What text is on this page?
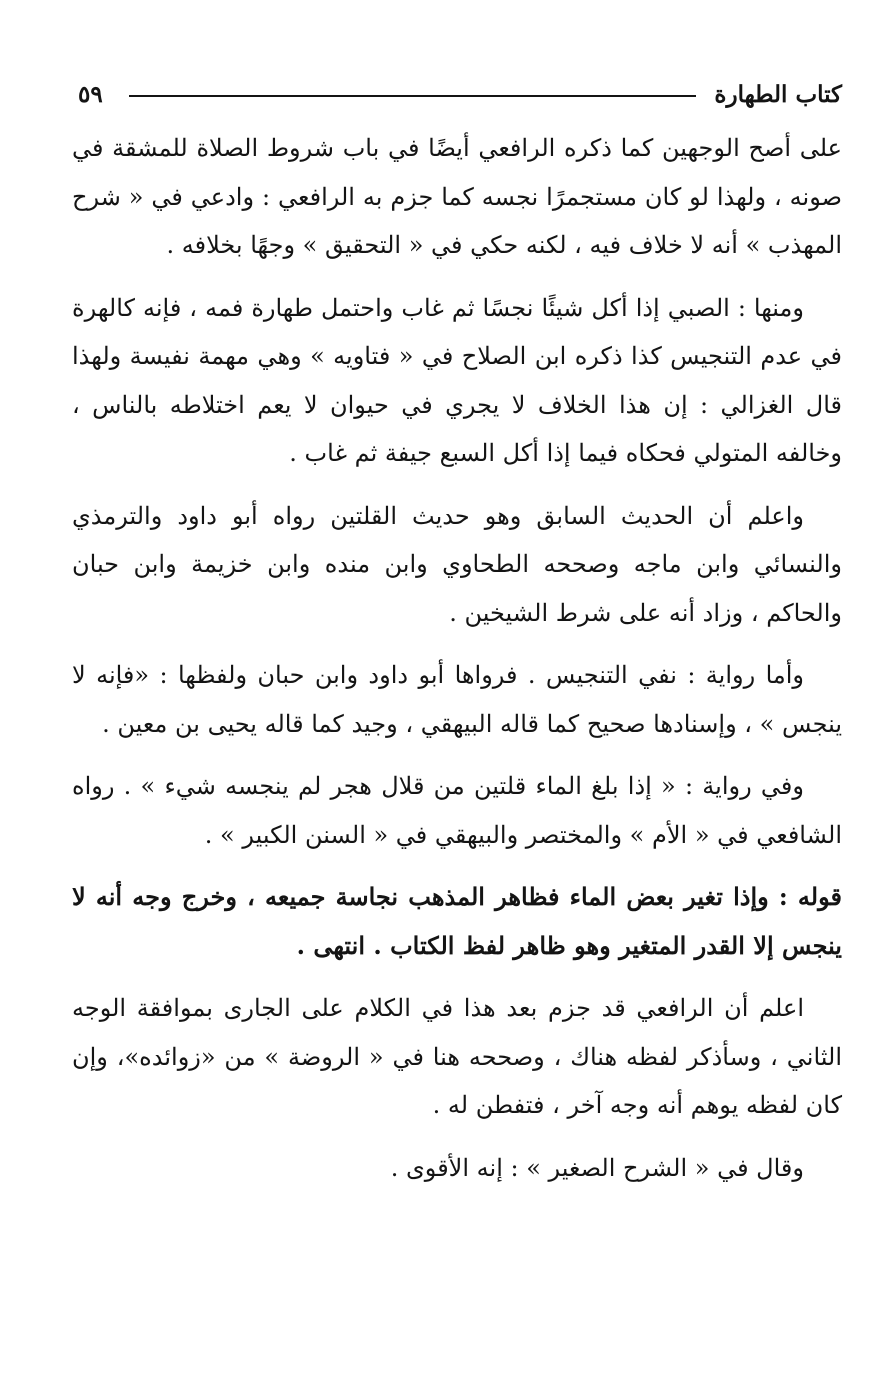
كتاب الطهارة
٥٩

على أصح الوجهين كما ذكره الرافعي أيضًا في باب شروط الصلاة للمشقة في صونه ، ولهذا لو كان مستجمرًا نجسه كما جزم به الرافعي : وادعي في « شرح المهذب » أنه لا خلاف فيه ، لكنه حكي في « التحقيق » وجهًا بخلافه .

ومنها : الصبي إذا أكل شيئًا نجسًا ثم غاب واحتمل طهارة فمه ، فإنه كالهرة في عدم التنجيس كذا ذكره ابن الصلاح في « فتاويه » وهي مهمة نفيسة ولهذا قال الغزالي : إن هذا الخلاف لا يجري في حيوان لا يعم اختلاطه بالناس ، وخالفه المتولي فحكاه فيما إذا أكل السبع جيفة ثم غاب .

واعلم أن الحديث السابق وهو حديث القلتين رواه أبو داود والترمذي والنسائي وابن ماجه وصححه الطحاوي وابن منده وابن خزيمة وابن حبان والحاكم ، وزاد أنه على شرط الشيخين .

وأما رواية : نفي التنجيس . فرواها أبو داود وابن حبان ولفظها : «فإنه لا ينجس » ، وإسنادها صحيح كما قاله البيهقي ، وجيد كما قاله يحيى بن معين .

وفي رواية : « إذا بلغ الماء قلتين من قلال هجر لم ينجسه شيء » . رواه الشافعي في « الأم » والمختصر والبيهقي في « السنن الكبير » .

قوله : وإذا تغير بعض الماء فظاهر المذهب نجاسة جميعه ، وخرج وجه أنه لا ينجس إلا القدر المتغير وهو ظاهر لفظ الكتاب . انتهى .

اعلم أن الرافعي قد جزم بعد هذا في الكلام على الجارى بموافقة الوجه الثاني ، وسأذكر لفظه هناك ، وصححه هنا في « الروضة » من «زوائده»، وإن كان لفظه يوهم أنه وجه آخر ، فتفطن له .

وقال في « الشرح الصغير » : إنه الأقوى .
